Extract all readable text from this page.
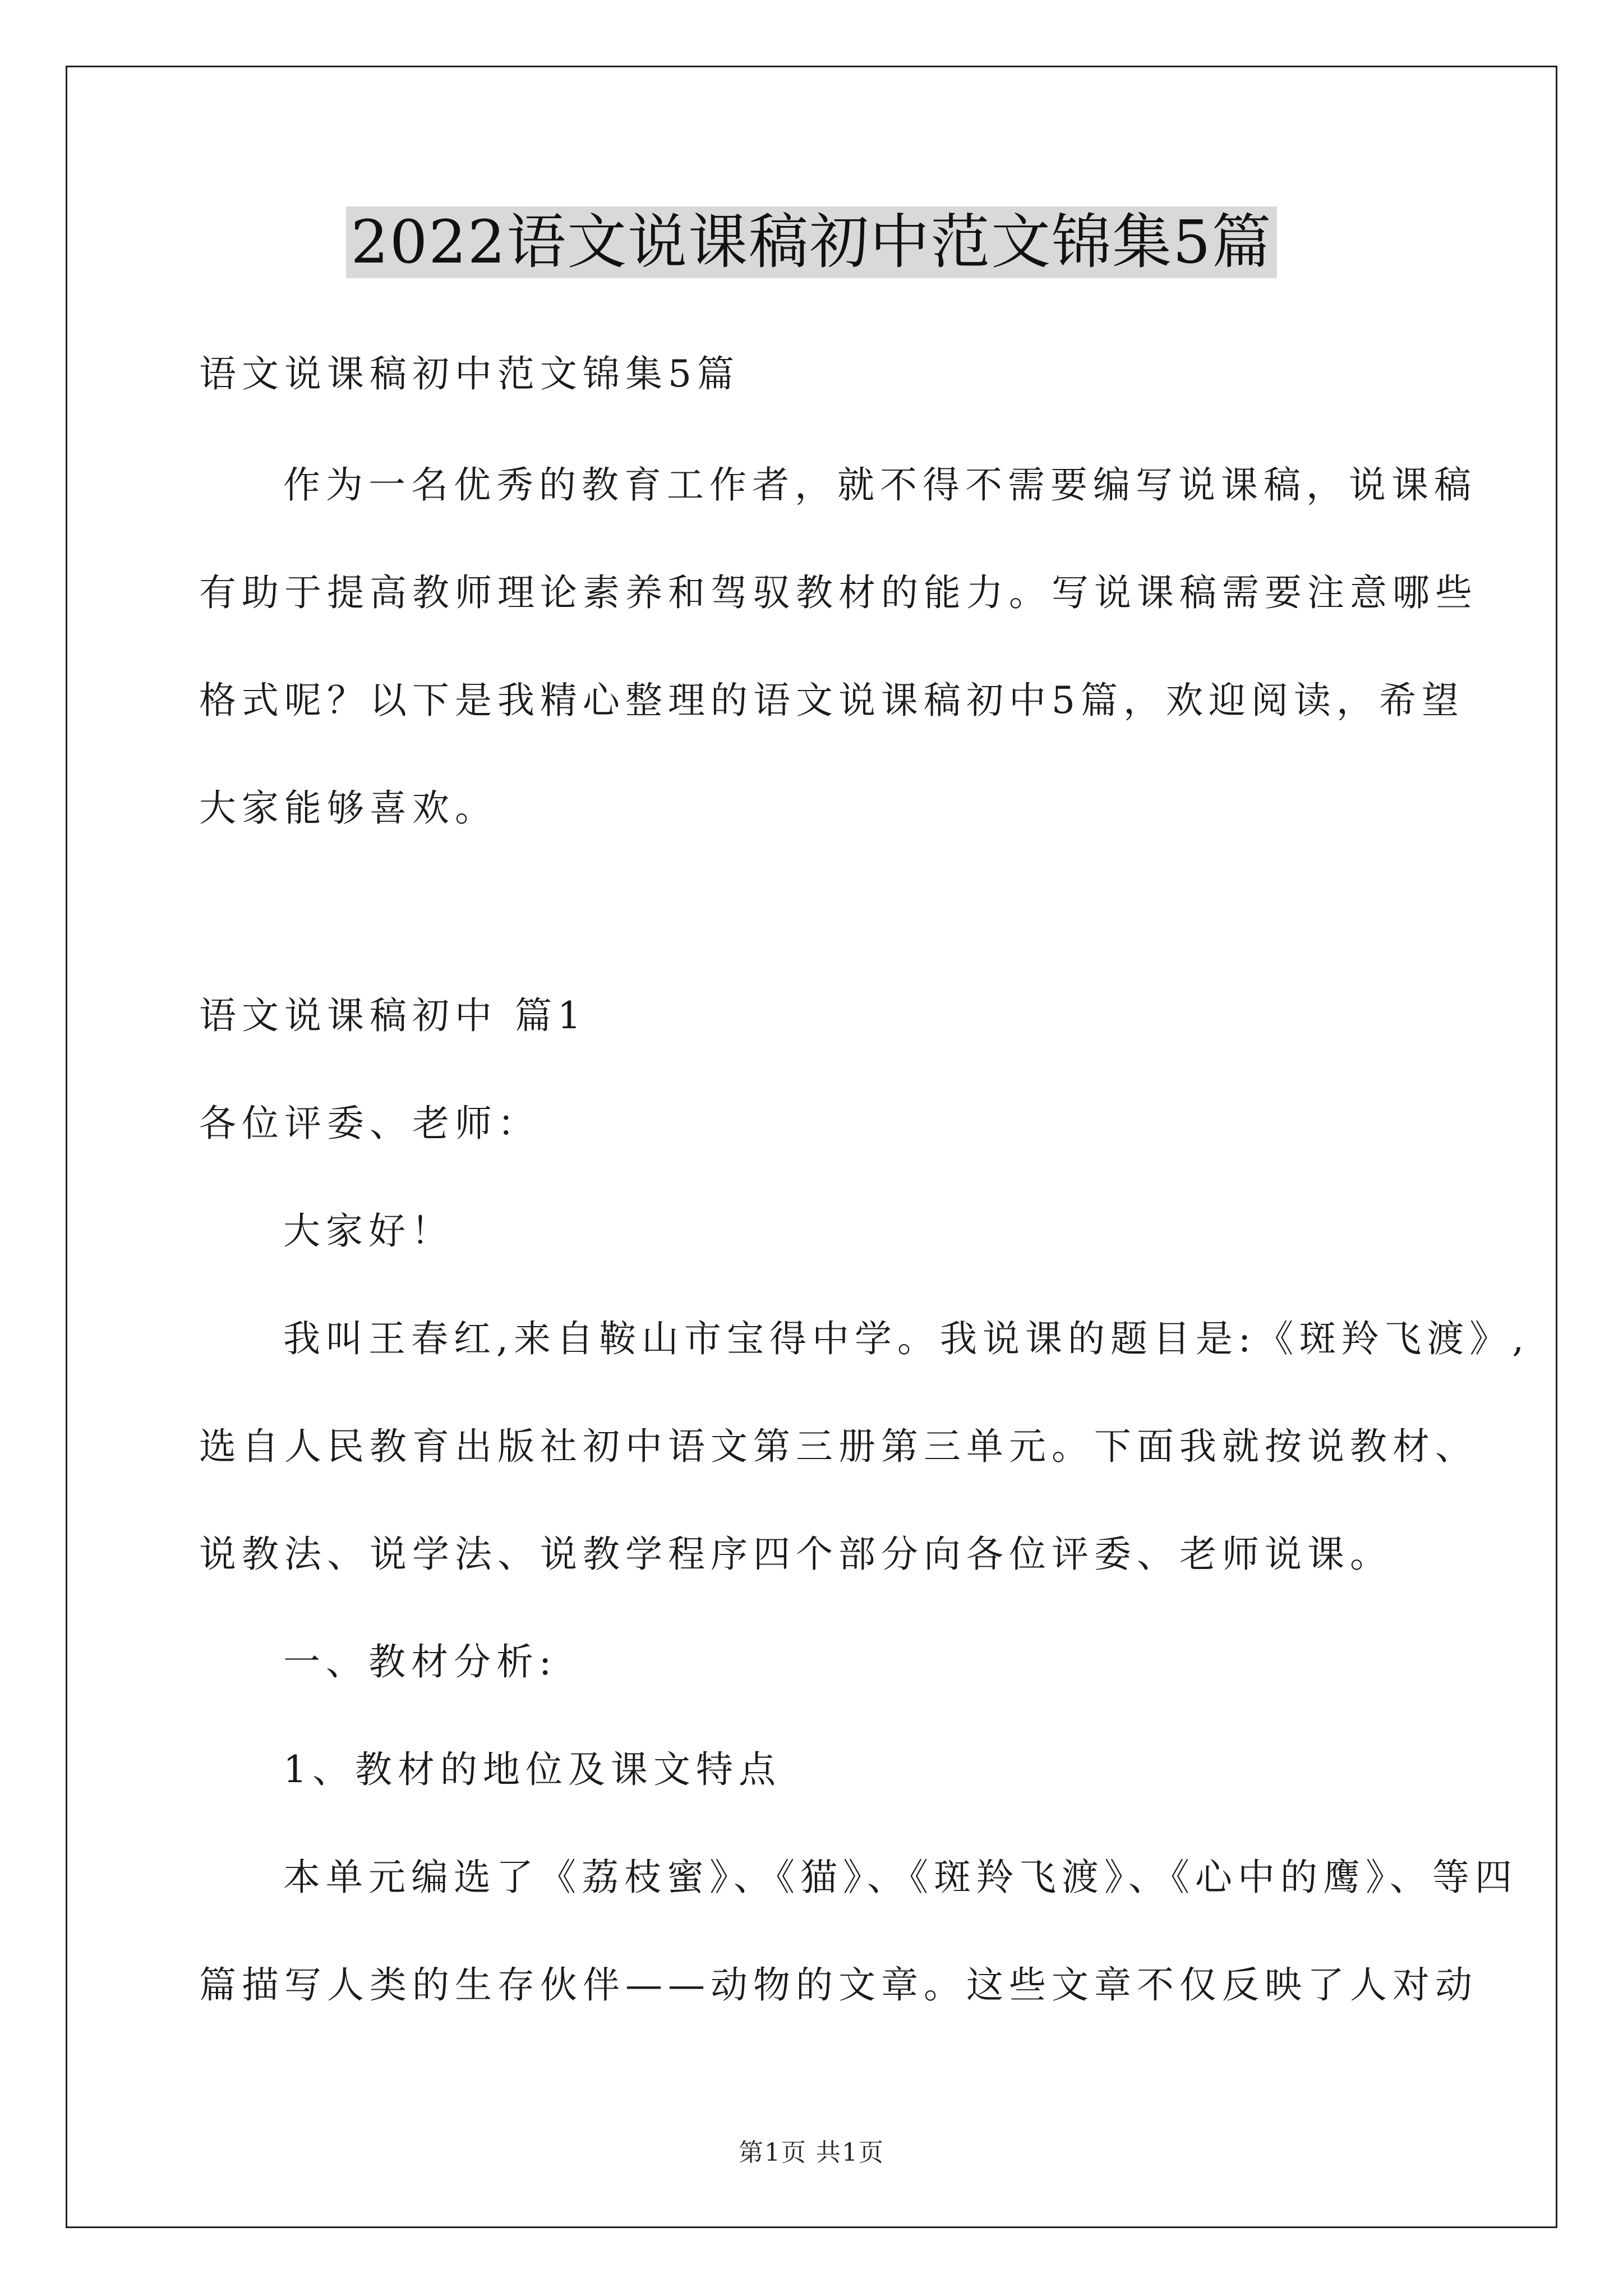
2022语文说课稿初中范文锦集5篇
语文说课稿初中范文锦集5篇
作为一名优秀的教育工作者，就不得不需要编写说课稿，说课稿
有助于提高教师理论素养和驾驭教材的能力。写说课稿需要注意哪些
格式呢？以下是我精心整理的语文说课稿初中5篇，欢迎阅读，希望
大家能够喜欢。
语文说课稿初中 篇1
各位评委、老师：
大家好！
我叫王春红,来自鞍山市宝得中学。我说课的题目是:《斑羚飞渡》,
选自人民教育出版社初中语文第三册第三单元。下面我就按说教材、
说教法、说学法、说教学程序四个部分向各位评委、老师说课。
一、教材分析:
1、教材的地位及课文特点
本单元编选了《荔枝蜜》、《猫》、《斑羚飞渡》、《心中的鹰》、等四
篇描写人类的生存伙伴——动物的文章。这些文章不仅反映了人对动
第1页 共1页
